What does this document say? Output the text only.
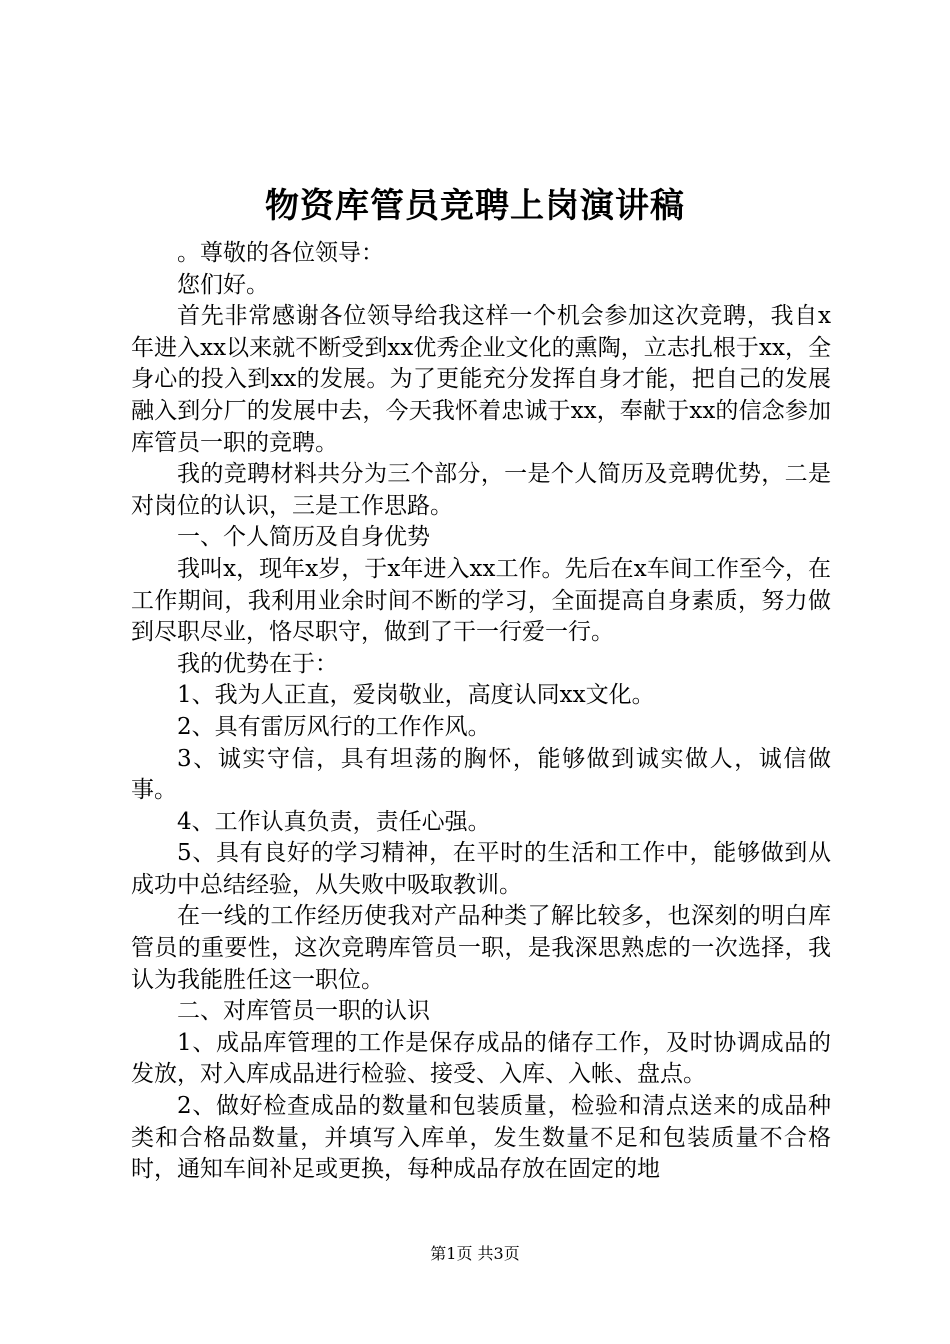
物资库管员竞聘上岗演讲稿

。尊敬的各位领导：

您们好。

首先非常感谢各位领导给我这样一个机会参加这次竞聘，我自x年进入xx以来就不断受到xx优秀企业文化的熏陶，立志扎根于xx，全身心的投入到xx的发展。为了更能充分发挥自身才能，把自己的发展融入到分厂的发展中去，今天我怀着忠诚于xx，奉献于xx的信念参加库管员一职的竞聘。

我的竞聘材料共分为三个部分，一是个人简历及竞聘优势，二是对岗位的认识，三是工作思路。

一、个人简历及自身优势

我叫x，现年x岁，于x年进入xx工作。先后在x车间工作至今，在工作期间，我利用业余时间不断的学习，全面提高自身素质，努力做到尽职尽业，恪尽职守，做到了干一行爱一行。

我的优势在于：

1、我为人正直，爱岗敬业，高度认同xx文化。

2、具有雷厉风行的工作作风。

3、诚实守信，具有坦荡的胸怀，能够做到诚实做人，诚信做事。

4、工作认真负责，责任心强。

5、具有良好的学习精神，在平时的生活和工作中，能够做到从成功中总结经验，从失败中吸取教训。

在一线的工作经历使我对产品种类了解比较多，也深刻的明白库管员的重要性，这次竞聘库管员一职，是我深思熟虑的一次选择，我认为我能胜任这一职位。

二、对库管员一职的认识

1、成品库管理的工作是保存成品的储存工作，及时协调成品的发放，对入库成品进行检验、接受、入库、入帐、盘点。

2、做好检查成品的数量和包装质量，检验和清点送来的成品种类和合格品数量，并填写入库单，发生数量不足和包装质量不合格时，通知车间补足或更换，每种成品存放在固定的地

第1页 共3页
